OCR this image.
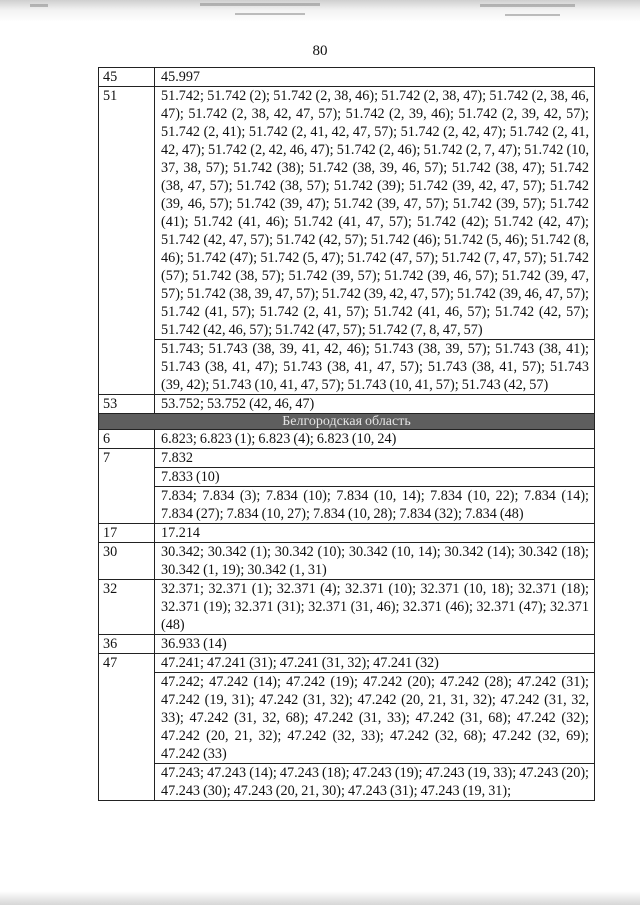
80
45	45.997
51	51.742; 51.742 (2); 51.742 (2, 38, 46); 51.742 (2, 38, 47); 51.742 (2, 38, 46, 47); 51.742 (2, 38, 42, 47, 57); 51.742 (2, 39, 46); 51.742 (2, 39, 42, 57); 51.742 (2, 41); 51.742 (2, 41, 42, 47, 57); 51.742 (2, 42, 47); 51.742 (2, 41, 42, 47); 51.742 (2, 42, 46, 47); 51.742 (2, 46); 51.742 (2, 7, 47); 51.742 (10, 37, 38, 57); 51.742 (38); 51.742 (38, 39, 46, 57); 51.742 (38, 47); 51.742 (38, 47, 57); 51.742 (38, 57); 51.742 (39); 51.742 (39, 42, 47, 57); 51.742 (39, 46, 57); 51.742 (39, 47); 51.742 (39, 47, 57); 51.742 (39, 57); 51.742 (41); 51.742 (41, 46); 51.742 (41, 47, 57); 51.742 (42); 51.742 (42, 47); 51.742 (42, 47, 57); 51.742 (42, 57); 51.742 (46); 51.742 (5, 46); 51.742 (8, 46); 51.742 (47); 51.742 (5, 47); 51.742 (47, 57); 51.742 (7, 47, 57); 51.742 (57); 51.742 (38, 57); 51.742 (39, 57); 51.742 (39, 46, 57); 51.742 (39, 47, 57); 51.742 (38, 39, 47, 57); 51.742 (39, 42, 47, 57); 51.742 (39, 46, 47, 57); 51.742 (41, 57); 51.742 (2, 41, 57); 51.742 (41, 46, 57); 51.742 (42, 57); 51.742 (42, 46, 57); 51.742 (47, 57); 51.742 (7, 8, 47, 57)
	51.743; 51.743 (38, 39, 41, 42, 46); 51.743 (38, 39, 57); 51.743 (38, 41); 51.743 (38, 41, 47); 51.743 (38, 41, 47, 57); 51.743 (38, 41, 57); 51.743 (39, 42); 51.743 (10, 41, 47, 57); 51.743 (10, 41, 57); 51.743 (42, 57)
53	53.752; 53.752 (42, 46, 47)
Белгородская область	
6	6.823; 6.823 (1); 6.823 (4); 6.823 (10, 24)
7	7.832
	7.833 (10)
	7.834; 7.834 (3); 7.834 (10); 7.834 (10, 14); 7.834 (10, 22); 7.834 (14); 7.834 (27); 7.834 (10, 27); 7.834 (10, 28); 7.834 (32); 7.834 (48)
17	17.214
30	30.342; 30.342 (1); 30.342 (10); 30.342 (10, 14); 30.342 (14); 30.342 (18); 30.342 (1, 19); 30.342 (1, 31)
32	32.371; 32.371 (1); 32.371 (4); 32.371 (10); 32.371 (10, 18); 32.371 (18); 32.371 (19); 32.371 (31); 32.371 (31, 46); 32.371 (46); 32.371 (47); 32.371 (48)
36	36.933 (14)
47	47.241; 47.241 (31); 47.241 (31, 32); 47.241 (32)
	47.242; 47.242 (14); 47.242 (19); 47.242 (20); 47.242 (28); 47.242 (31); 47.242 (19, 31); 47.242 (31, 32); 47.242 (20, 21, 31, 32); 47.242 (31, 32, 33); 47.242 (31, 32, 68); 47.242 (31, 33); 47.242 (31, 68); 47.242 (32); 47.242 (20, 21, 32); 47.242 (32, 33); 47.242 (32, 68); 47.242 (32, 69); 47.242 (33)
	47.243; 47.243 (14); 47.243 (18); 47.243 (19); 47.243 (19, 33); 47.243 (20); 47.243 (30); 47.243 (20, 21, 30); 47.243 (31); 47.243 (19, 31);
